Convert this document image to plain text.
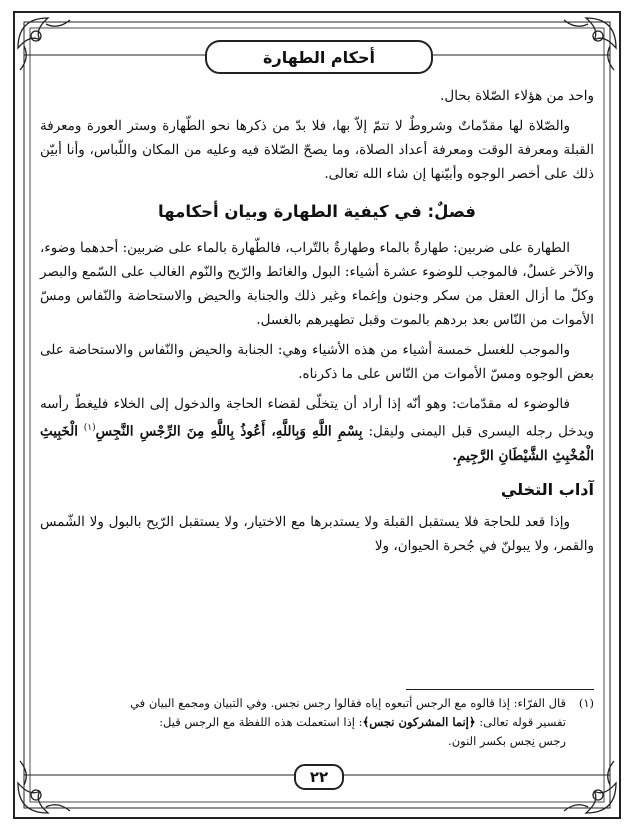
أحكام الطهارة

واحد من هؤلاء الصّلاة بحال.

والصّلاة لها مقدّماتٌ وشروطٌ لا تتمّ إلاّ بها، فلا بدّ من ذكرها نحو الطّهارة وستر العورة ومعرفة القبلة ومعرفة الوقت ومعرفة أعداد الصلاة، وما يصحّ الصّلاة فيه وعليه من المكان واللّباس، وأنا أبيّن ذلك على أخصر الوجوه وأبيّنها إن شاء الله تعالى.

فصلٌ: في كيفية الطهارة وبيان أحكامها

الطهارة على ضربين: طهارةٌ بالماء وطهارةٌ بالتّراب، فالطّهارة بالماء على ضربين: أحدهما وضوء، والآخر غسلٌ، فالموجب للوضوء عشرة أشياء: البول والغائط والرّيح والنّوم الغالب على السّمع والبصر وكلّ ما أزال العقل من سكر وجنون وإغماء وغير ذلك والجنابة والحيض والاستحاضة والنّفاس ومسّ الأموات من النّاس بعد بردهم بالموت وقبل تطهيرهم بالغسل.

والموجب للغسل خمسة أشياء من هذه الأشياء وهي: الجنابة والحيض والنّفاس والاستحاضة على بعض الوجوه ومسّ الأموات من النّاس على ما ذكرناه.

فالوضوء له مقدّمات: وهو أنّه إذا أراد أن يتخلّى لقضاء الحاجة والدخول إلى الخلاء فليغطّ رأسه ويدخل رجله اليسرى قبل اليمنى وليقل: بِسْمِ اللَّهِ وَبِاللَّهِ، أَعُوذُ بِاللَّهِ مِنَ الرِّجْسِ النَّجِسِ$^{(١)}$ الْخَبِيثِ الْمُخْبِثِ الشَّيْطَانِ الرَّجِيمِ.

آداب التخلي

وإذا قعد للحاجة فلا يستقبل القبلة ولا يستدبرها مع الاختيار، ولا يستقبل الرّيح بالبول ولا الشّمس والقمر، ولا يبولنّ في جُحرة الحيوان، ولا

(١)قال الفرّاء: إذا قالوه مع الرجس أتبعوه إياه فقالوا رجس نجس. وفي التبيان ومجمع البيان في

تفسير قوله تعالى: ﴿إنما المشركون نجس﴾: إذا استعملت هذه اللفظة مع الرجس قيل:

رجس نِجس بكسر النون.

٢٢
